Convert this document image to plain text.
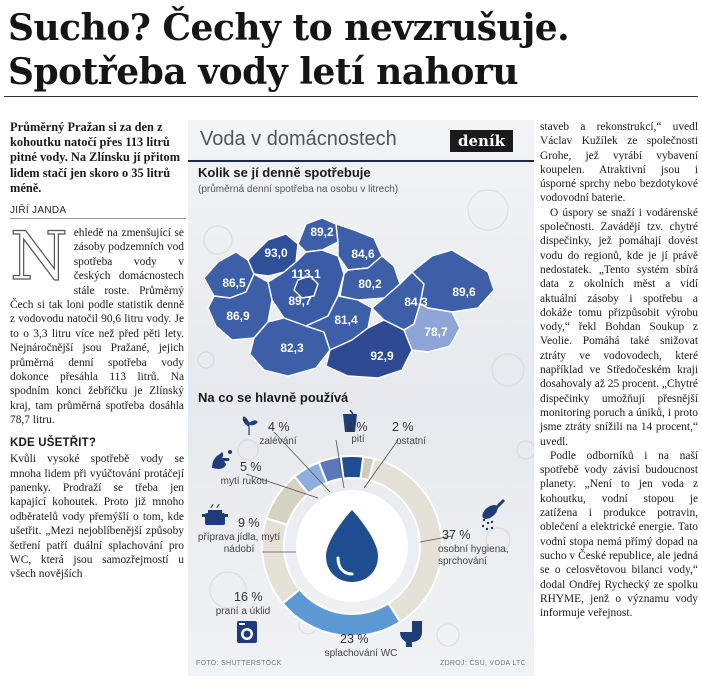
Sucho? Čechy to nevzrušuje.
Spotřeba vody letí nahoru
Průměrný Pražan si za den z kohoutku natočí přes 113 litrů pitné vody. Na Zlínsku jí přitom lidem stačí jen skoro o 35 litrů méně.
JIŘÍ JANDA
N ehledě na zmenšující se zásoby podzemních vod spotřeba vody v českých domácnostech stále roste. Průměrný Čech si tak loni podle statistik denně z vodovodu natočil 90,6 litru vody. Je to o 3,3 litru více než před pěti lety. Nejnáročnější jsou Pražané, jejich průměrná denní spotřeba vody dokonce přesáhla 113 litrů. Na spodním konci žebříčku je Zlínský kraj, tam průměrná spotřeba dosáhla 78,7 litru.

KDE UŠETŘIT?

Kvůli vysoké spotřebě vody se mnoha lidem při vyúčtování protáčejí panenky. Prodraží se třeba jen kapající kohoutek. Proto již mnoho odběratelů vody přemýšlí o tom, kde ušetřit. „Mezi nejoblíbenější způsoby šetření patří duální splachování pro WC, která jsou samozřejmostí u všech novějších

Voda v domácnostech	deník
Kolik se jí denně spotřebuje
(průměrná denní spotřeba na osobu v litrech)
86,5
93,0
89,2
113,1
89,7
84,6
80,2
86,9
82,3
81,4
92,9
84,3
89,6
78,7
Na co se hlavně používá
4 %
zalévání
4 %
pití
2 %
ostatní
5 %
mytí rukou
9 %
příprava jídla, mytí nádobí
16 %
praní a úklid
23 %
splachování WC
37 %
osobní hygiena, sprchování
FOTO: SHUTTERSTOCK	ZDROJ: ČSÚ, VODA LTC

staveb a rekonstrukcí,“ uvedl Václav Kužílek ze společnosti Grohe, jež vyrábí vybavení koupelen. Atraktivní jsou i úsporné sprchy nebo bezdotykové vodovodní baterie.

O úspory se snaží i vodárenské společnosti. Zavádějí tzv. chytré dispečinky, jež pomáhají dovést vodu do regionů, kde je jí právě nedostatek. „Tento systém sbírá data z okolních měst a vidí aktuální zásoby i spotřebu a dokáže tomu přizpůsobit výrobu vody,“ řekl Bohdan Soukup z Veolie. Pomáhá také snižovat ztráty ve vodovodech, které například ve Středočeském kraji dosahovaly až 25 procent. „Chytré dispečinky umožňují přesnější monitoring poruch a úniků, i proto jsme ztráty snížili na 14 procent,“ uvedl.

Podle odborníků i na naší spotřebě vody závisí budoucnost planety. „Není to jen voda z kohoutku, vodní stopou je zatížena i produkce potravin, oblečení a elektrické energie. Tato vodní stopa nemá přímý dopad na sucho v České republice, ale jedná se o celosvětovou bilanci vody,“ dodal Ondřej Rychecký ze spolku RHYME, jenž o významu vody informuje veřejnost.
